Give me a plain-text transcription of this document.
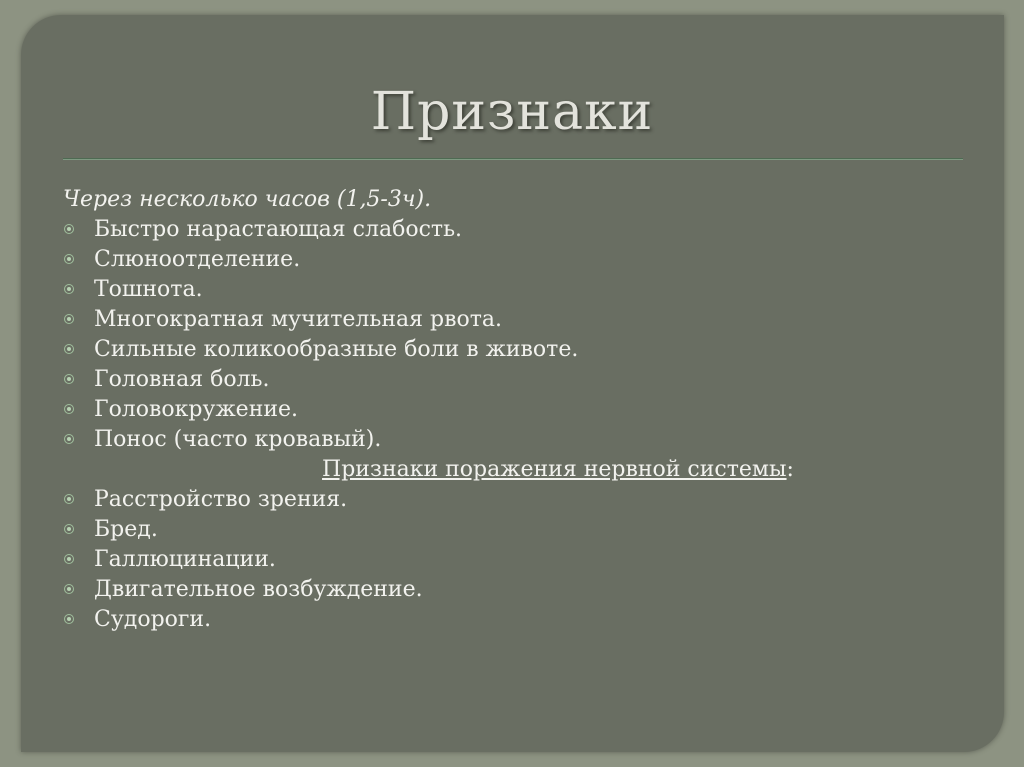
Признаки
Через несколько часов (1,5-3ч).
Быстро нарастающая слабость.
Слюноотделение.
Тошнота.
Многократная мучительная рвота.
Сильные коликообразные боли в животе.
Головная боль.
Головокружение.
Понос (часто кровавый).
Признаки поражения нервной системы:
Расстройство зрения.
Бред.
Галлюцинации.
Двигательное возбуждение.
Судороги.
